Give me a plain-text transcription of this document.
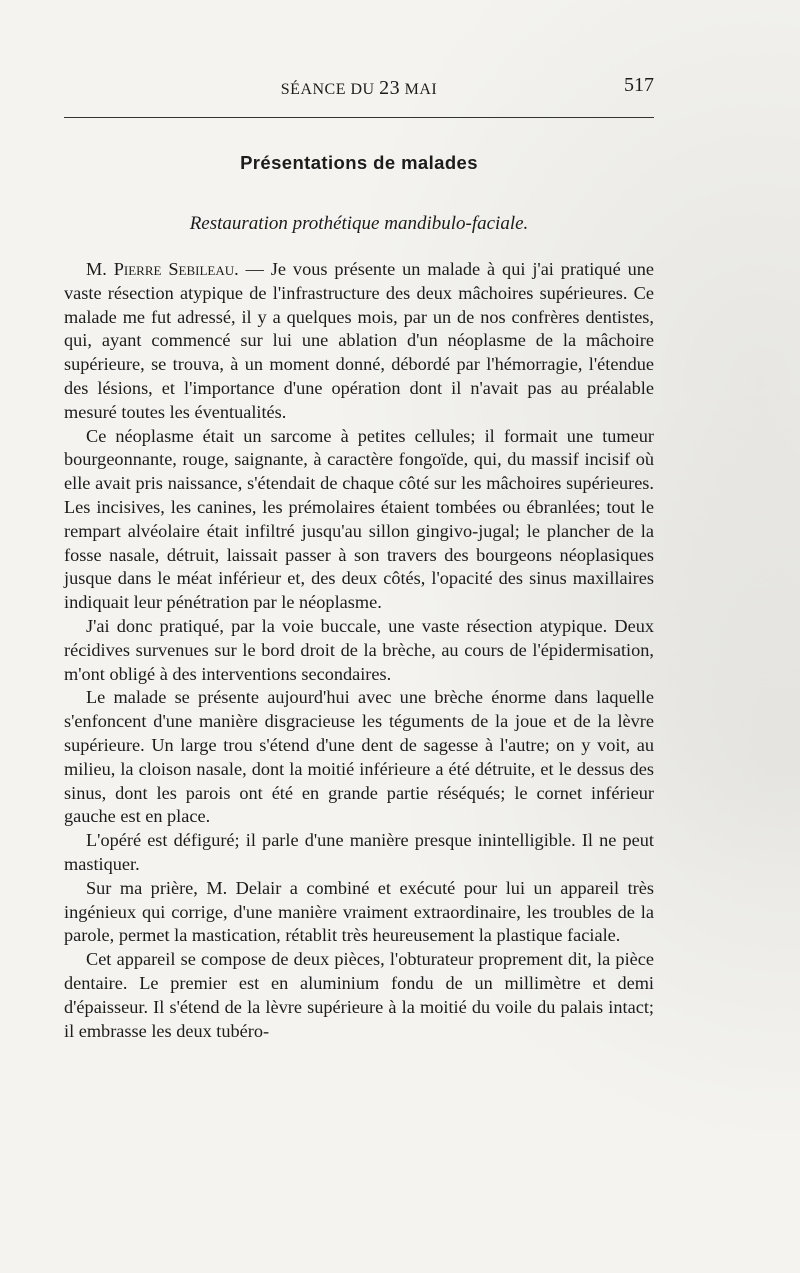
SÉANCE DU 23 MAI	517
Présentations de malades
Restauration prothétique mandibulo-faciale.

M. Pierre Sebileau. — Je vous présente un malade à qui j'ai pratiqué une vaste résection atypique de l'infrastructure des deux mâchoires supérieures. Ce malade me fut adressé, il y a quelques mois, par un de nos confrères dentistes, qui, ayant commencé sur lui une ablation d'un néoplasme de la mâchoire supérieure, se trouva, à un moment donné, débordé par l'hémorragie, l'étendue des lésions, et l'importance d'une opération dont il n'avait pas au préalable mesuré toutes les éventualités.

Ce néoplasme était un sarcome à petites cellules; il formait une tumeur bourgeonnante, rouge, saignante, à caractère fongoïde, qui, du massif incisif où elle avait pris naissance, s'étendait de chaque côté sur les mâchoires supérieures. Les incisives, les canines, les prémolaires étaient tombées ou ébranlées; tout le rempart alvéolaire était infiltré jusqu'au sillon gingivo-jugal; le plancher de la fosse nasale, détruit, laissait passer à son travers des bourgeons néoplasiques jusque dans le méat inférieur et, des deux côtés, l'opacité des sinus maxillaires indiquait leur pénétration par le néoplasme.

J'ai donc pratiqué, par la voie buccale, une vaste résection atypique. Deux récidives survenues sur le bord droit de la brèche, au cours de l'épidermisation, m'ont obligé à des interventions secondaires.

Le malade se présente aujourd'hui avec une brèche énorme dans laquelle s'enfoncent d'une manière disgracieuse les téguments de la joue et de la lèvre supérieure. Un large trou s'étend d'une dent de sagesse à l'autre; on y voit, au milieu, la cloison nasale, dont la moitié inférieure a été détruite, et le dessus des sinus, dont les parois ont été en grande partie réséqués; le cornet inférieur gauche est en place.

L'opéré est défiguré; il parle d'une manière presque inintelligible. Il ne peut mastiquer.

Sur ma prière, M. Delair a combiné et exécuté pour lui un appareil très ingénieux qui corrige, d'une manière vraiment extraordinaire, les troubles de la parole, permet la mastication, rétablit très heureusement la plastique faciale.

Cet appareil se compose de deux pièces, l'obturateur proprement dit, la pièce dentaire. Le premier est en aluminium fondu de un millimètre et demi d'épaisseur. Il s'étend de la lèvre supérieure à la moitié du voile du palais intact; il embrasse les deux tubéro-
